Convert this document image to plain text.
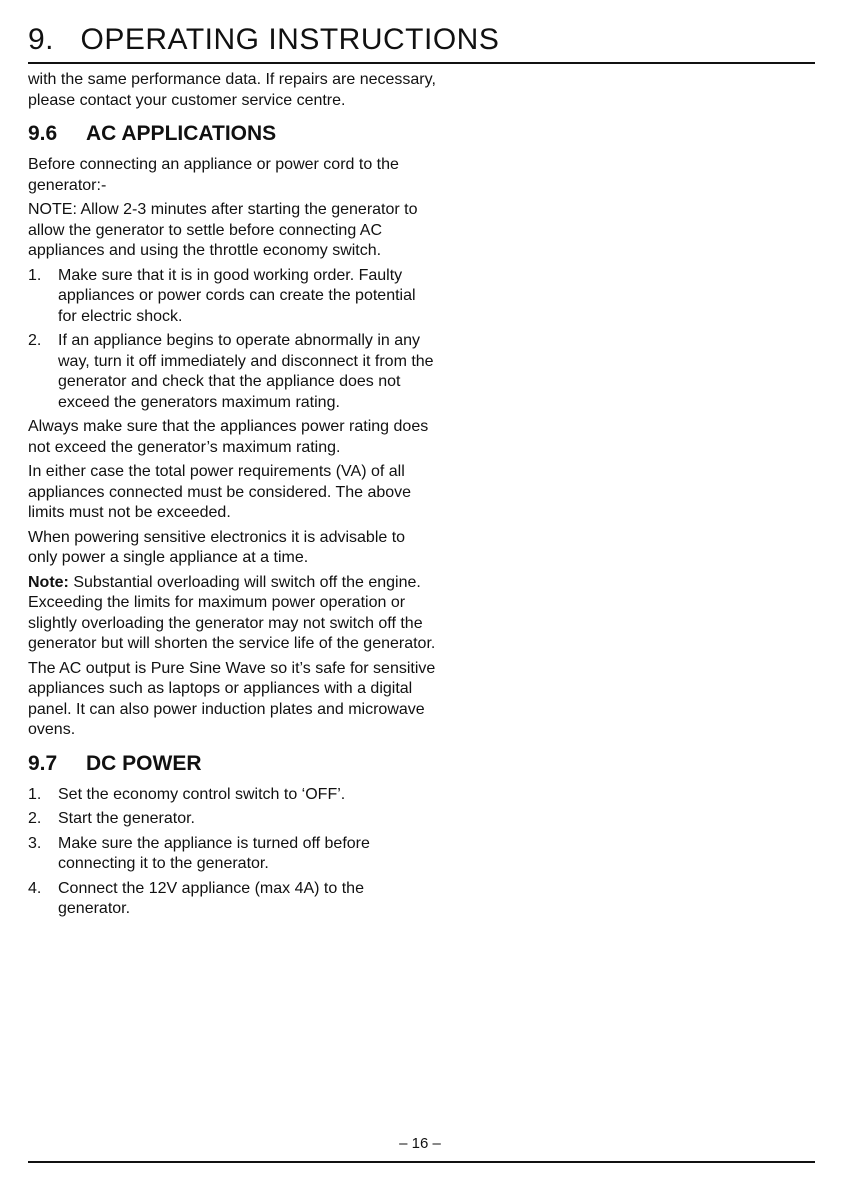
9.   OPERATING INSTRUCTIONS

with the same performance data. If repairs are necessary, please contact your customer service centre.

9.6 AC APPLICATIONS

Before connecting an appliance or power cord to the generator:-

NOTE: Allow 2-3 minutes after starting the generator to allow the generator to settle before connecting AC appliances and using the throttle economy switch.

1. Make sure that it is in good working order. Faulty appliances or power cords can create the potential for electric shock.
2. If an appliance begins to operate abnormally in any way, turn it off immediately and disconnect it from the generator and check that the appliance does not exceed the generators maximum rating.

Always make sure that the appliances power rating does not exceed the generator’s maximum rating.

In either case the total power requirements (VA) of all appliances connected must be considered. The above limits must not be exceeded.

When powering sensitive electronics it is advisable to only power a single appliance at a time.

Note: Substantial overloading will switch off the engine. Exceeding the limits for maximum power operation or slightly overloading the generator may not switch off the generator but will shorten the service life of the generator.

The AC output is Pure Sine Wave so it’s safe for sensitive appliances such as laptops or appliances with a digital panel. It can also power induction plates and microwave ovens.

9.7 DC POWER
1. Set the economy control switch to ‘OFF’.
2. Start the generator.
3. Make sure the appliance is turned off before connecting it to the generator.
4. Connect the 12V appliance (max 4A) to the generator.
– 16 –
